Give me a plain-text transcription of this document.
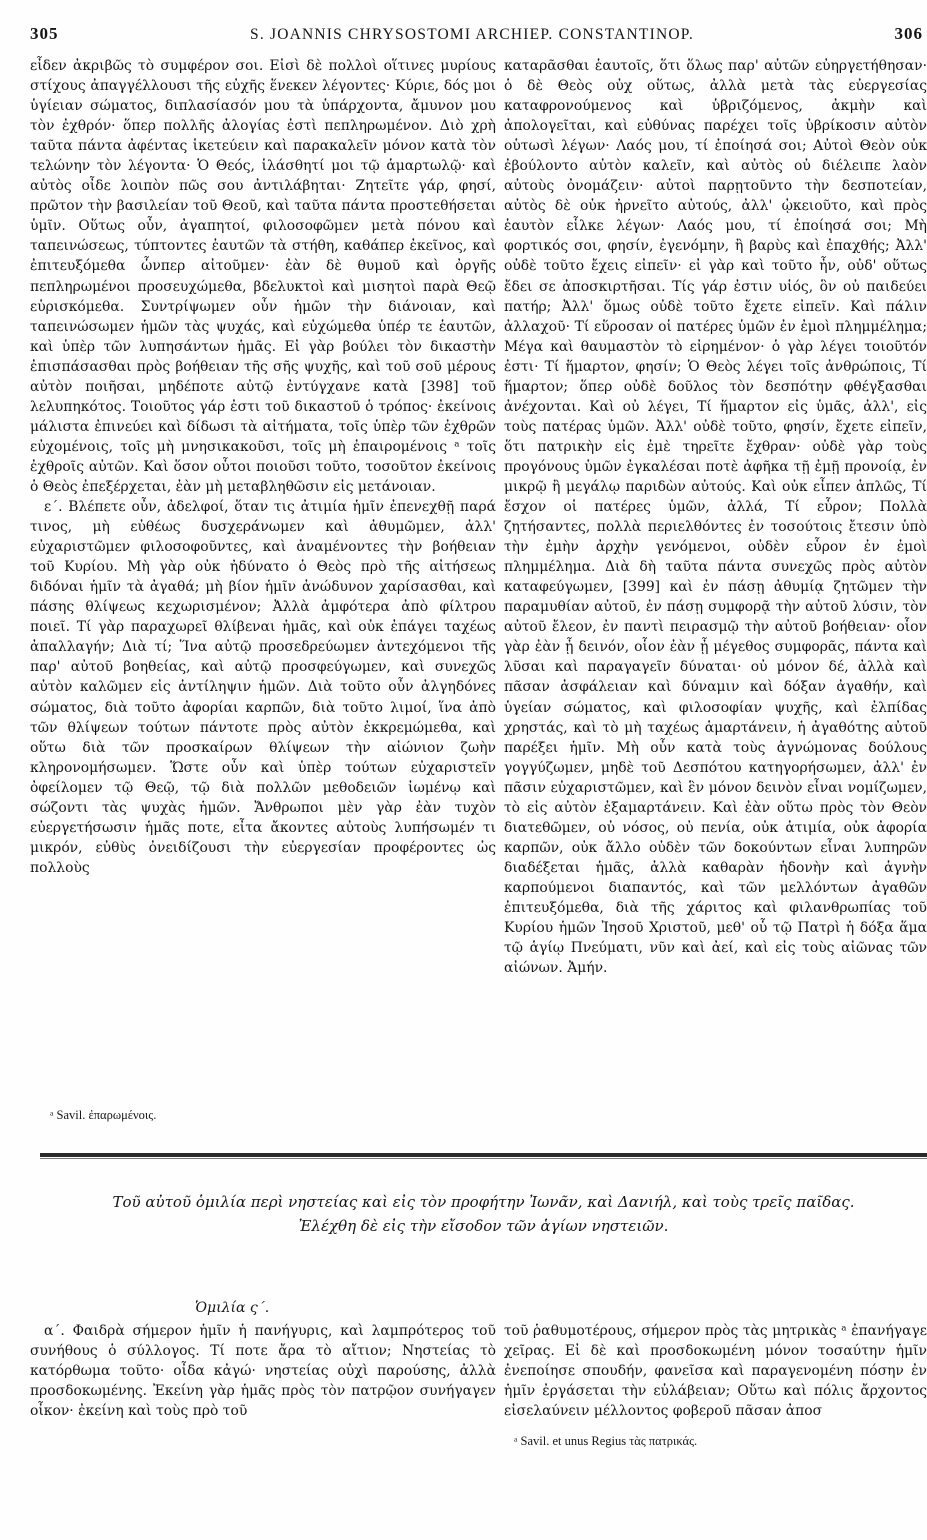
305	S. JOANNIS CHRYSOSTOMI ARCHIEP. CONSTANTINOP.	306

εἶδεν ἀκριβῶς τὸ συμφέρον σοι. Εἰσὶ δὲ πολλοὶ οἵτινες μυρίους στίχους ἀπαγγέλλουσι τῆς εὐχῆς ἕνεκεν λέγοντες· Κύριε, δός μοι ὑγίειαν σώματος, διπλασίασόν μου τὰ ὑπάρχοντα, ἄμυνον μου τὸν ἐχθρόν· ὅπερ πολλῆς ἀλογίας ἐστὶ πεπληρωμένον. Διὸ χρὴ ταῦτα πάντα ἀφέντας ἱκετεύειν καὶ παρακαλεῖν μόνον κατὰ τὸν τελώνην τὸν λέγοντα· Ὁ Θεός, ἱλάσθητί μοι τῷ ἁμαρτωλῷ· καὶ αὐτὸς οἶδε λοιπὸν πῶς σου ἀντιλάβηται· Ζητεῖτε γάρ, φησί, πρῶτον τὴν βασιλείαν τοῦ Θεοῦ, καὶ ταῦτα πάντα προστεθήσεται ὑμῖν. Οὕτως οὖν, ἀγαπητοί, φιλοσοφῶμεν μετὰ πόνου καὶ ταπεινώσεως, τύπτοντες ἑαυτῶν τὰ στήθη, καθάπερ ἐκεῖνος, καὶ ἐπιτευξόμεθα ὧνπερ αἰτοῦμεν· ἐὰν δὲ θυμοῦ καὶ ὀργῆς πεπληρωμένοι προσευχώμεθα, βδελυκτοὶ καὶ μισητοὶ παρὰ Θεῷ εὑρισκόμεθα. Συντρίψωμεν οὖν ἡμῶν τὴν διάνοιαν, καὶ ταπεινώσωμεν ἡμῶν τὰς ψυχάς, καὶ εὐχώμεθα ὑπέρ τε ἑαυτῶν, καὶ ὑπὲρ τῶν λυπησάντων ἡμᾶς. Εἰ γὰρ βούλει τὸν δικαστὴν ἐπισπάσασθαι πρὸς βοήθειαν τῆς σῆς ψυχῆς, καὶ τοῦ σοῦ μέρους αὐτὸν ποιῆσαι, μηδέποτε αὐτῷ ἐντύγχανε κατὰ [398] τοῦ λελυπηκότος. Τοιοῦτος γάρ ἐστι τοῦ δικαστοῦ ὁ τρόπος· ἐκείνοις μάλιστα ἐπινεύει καὶ δίδωσι τὰ αἰτήματα, τοῖς ὑπὲρ τῶν ἐχθρῶν εὐχομένοις, τοῖς μὴ μνησικακοῦσι, τοῖς μὴ ἐπαιρομένοις ᵃ τοῖς ἐχθροῖς αὐτῶν. Καὶ ὅσον οὗτοι ποιοῦσι τοῦτο, τοσοῦτον ἐκείνοις ὁ Θεὸς ἐπεξέρχεται, ἐὰν μὴ μεταβληθῶσιν εἰς μετάνοιαν.

ε΄. Βλέπετε οὖν, ἀδελφοί, ὅταν τις ἀτιμία ἡμῖν ἐπενεχθῇ παρά τινος, μὴ εὐθέως δυσχεράνωμεν καὶ ἀθυμῶμεν, ἀλλ' εὐχαριστῶμεν φιλοσοφοῦντες, καὶ ἀναμένοντες τὴν βοήθειαν τοῦ Κυρίου. Μὴ γὰρ οὐκ ἠδύνατο ὁ Θεὸς πρὸ τῆς αἰτήσεως διδόναι ἡμῖν τὰ ἀγαθά; μὴ βίον ἡμῖν ἀνώδυνον χαρίσασθαι, καὶ πάσης θλίψεως κεχωρισμένον; Ἀλλὰ ἀμφότερα ἀπὸ φίλτρου ποιεῖ. Τί γὰρ παραχωρεῖ θλίβεναι ἡμᾶς, καὶ οὐκ ἐπάγει ταχέως ἀπαλλαγήν; Διὰ τί; Ἵνα αὐτῷ προσεδρεύωμεν ἀντεχόμενοι τῆς παρ' αὐτοῦ βοηθείας, καὶ αὐτῷ προσφεύγωμεν, καὶ συνεχῶς αὐτὸν καλῶμεν εἰς ἀντίληψιν ἡμῶν. Διὰ τοῦτο οὖν ἀλγηδόνες σώματος, διὰ τοῦτο ἀφορίαι καρπῶν, διὰ τοῦτο λιμοί, ἵνα ἀπὸ τῶν θλίψεων τούτων πάντοτε πρὸς αὐτὸν ἐκκρεμώμεθα, καὶ οὕτω διὰ τῶν προσκαίρων θλίψεων τὴν αἰώνιον ζωὴν κληρονομήσωμεν. Ὥστε οὖν καὶ ὑπὲρ τούτων εὐχαριστεῖν ὀφείλομεν τῷ Θεῷ, τῷ διὰ πολλῶν μεθοδειῶν ἰωμένῳ καὶ σώζοντι τὰς ψυχὰς ἡμῶν. Ἄνθρωποι μὲν γὰρ ἐὰν τυχὸν εὐεργετήσωσιν ἡμᾶς ποτε, εἶτα ἄκοντες αὐτοὺς λυπήσωμέν τι μικρόν, εὐθὺς ὀνειδίζουσι τὴν εὐεργεσίαν προφέροντες ὡς πολλοὺς

ᵃ Savil. ἐπαρωμένοις.

καταρᾶσθαι ἑαυτοῖς, ὅτι ὅλως παρ' αὐτῶν εὐηργετήθησαν· ὁ δὲ Θεὸς οὐχ οὕτως, ἀλλὰ μετὰ τὰς εὐεργεσίας καταφρονούμενος καὶ ὑβριζόμενος, ἀκμὴν καὶ ἀπολογεῖται, καὶ εὐθύνας παρέχει τοῖς ὑβρίκοσιν αὐτὸν οὑτωσὶ λέγων· Λαός μου, τί ἐποίησά σοι; Αὐτοὶ Θεὸν οὐκ ἐβούλοντο αὐτὸν καλεῖν, καὶ αὐτὸς οὐ διέλειπε λαὸν αὐτοὺς ὀνομάζειν· αὐτοὶ παρῃτοῦντο τὴν δεσποτείαν, αὐτὸς δὲ οὐκ ἠρνεῖτο αὐτούς, ἀλλ' ᾠκειοῦτο, καὶ πρὸς ἑαυτὸν εἷλκε λέγων· Λαός μου, τί ἐποίησά σοι; Μὴ φορτικός σοι, φησίν, ἐγενόμην, ἢ βαρὺς καὶ ἐπαχθής; Ἀλλ' οὐδὲ τοῦτο ἔχεις εἰπεῖν· εἰ γὰρ καὶ τοῦτο ἦν, οὐδ' οὕτως ἔδει σε ἀποσκιρτῆσαι. Τίς γάρ ἐστιν υἱός, ὃν οὐ παιδεύει πατήρ; Ἀλλ' ὅμως οὐδὲ τοῦτο ἔχετε εἰπεῖν. Καὶ πάλιν ἀλλαχοῦ· Τί εὕροσαν οἱ πατέρες ὑμῶν ἐν ἐμοὶ πλημμέλημα; Μέγα καὶ θαυμαστὸν τὸ εἰρημένον· ὁ γὰρ λέγει τοιοῦτόν ἐστι· Τί ἥμαρτον, φησίν; Ὁ Θεὸς λέγει τοῖς ἀνθρώποις, Τί ἥμαρτον; ὅπερ οὐδὲ δοῦλος τὸν δεσπότην φθέγξασθαι ἀνέχονται. Καὶ οὐ λέγει, Τί ἥμαρτον εἰς ὑμᾶς, ἀλλ', εἰς τοὺς πατέρας ὑμῶν. Ἀλλ' οὐδὲ τοῦτο, φησίν, ἔχετε εἰπεῖν, ὅτι πατρικὴν εἰς ἐμὲ τηρεῖτε ἔχθραν· οὐδὲ γὰρ τοὺς προγόνους ὑμῶν ἐγκαλέσαι ποτὲ ἀφῆκα τῇ ἐμῇ προνοίᾳ, ἐν μικρῷ ἢ μεγάλῳ παριδὼν αὐτούς. Καὶ οὐκ εἶπεν ἁπλῶς, Τί ἔσχον οἱ πατέρες ὑμῶν, ἀλλά, Τί εὗρον; Πολλὰ ζητήσαντες, πολλὰ περιελθόντες ἐν τοσούτοις ἔτεσιν ὑπὸ τὴν ἐμὴν ἀρχὴν γενόμενοι, οὐδὲν εὗρον ἐν ἐμοὶ πλημμέλημα. Διὰ δὴ ταῦτα πάντα συνεχῶς πρὸς αὐτὸν καταφεύγωμεν, [399] καὶ ἐν πάσῃ ἀθυμίᾳ ζητῶμεν τὴν παραμυθίαν αὐτοῦ, ἐν πάσῃ συμφορᾷ τὴν αὐτοῦ λύσιν, τὸν αὐτοῦ ἔλεον, ἐν παντὶ πειρασμῷ τὴν αὐτοῦ βοήθειαν· οἷον γὰρ ἐὰν ᾖ δεινόν, οἷον ἐὰν ᾖ μέγεθος συμφορᾶς, πάντα καὶ λῦσαι καὶ παραγαγεῖν δύναται· οὐ μόνον δέ, ἀλλὰ καὶ πᾶσαν ἀσφάλειαν καὶ δύναμιν καὶ δόξαν ἀγαθήν, καὶ ὑγείαν σώματος, καὶ φιλοσοφίαν ψυχῆς, καὶ ἐλπίδας χρηστάς, καὶ τὸ μὴ ταχέως ἁμαρτάνειν, ἡ ἀγαθότης αὐτοῦ παρέξει ἡμῖν. Μὴ οὖν κατὰ τοὺς ἀγνώμονας δούλους γογγύζωμεν, μηδὲ τοῦ Δεσπότου κατηγορήσωμεν, ἀλλ' ἐν πᾶσιν εὐχαριστῶμεν, καὶ ἓν μόνον δεινὸν εἶναι νομίζωμεν, τὸ εἰς αὐτὸν ἐξαμαρτάνειν. Καὶ ἐὰν οὕτω πρὸς τὸν Θεὸν διατεθῶμεν, οὐ νόσος, οὐ πενία, οὐκ ἀτιμία, οὐκ ἀφορία καρπῶν, οὐκ ἄλλο οὐδὲν τῶν δοκούντων εἶναι λυπηρῶν διαδέξεται ἡμᾶς, ἀλλὰ καθαρὰν ἡδονὴν καὶ ἁγνὴν καρπούμενοι διαπαντός, καὶ τῶν μελλόντων ἀγαθῶν ἐπιτευξόμεθα, διὰ τῆς χάριτος καὶ φιλανθρωπίας τοῦ Κυρίου ἡμῶν Ἰησοῦ Χριστοῦ, μεθ' οὗ τῷ Πατρὶ ἡ δόξα ἅμα τῷ ἁγίῳ Πνεύματι, νῦν καὶ ἀεί, καὶ εἰς τοὺς αἰῶνας τῶν αἰώνων. Ἀμήν.

Τοῦ αὐτοῦ ὁμιλία περὶ νηστείας καὶ εἰς τὸν προφήτην Ἰωνᾶν, καὶ Δανιήλ, καὶ τοὺς τρεῖς παῖδας.
Ἐλέχθη δὲ εἰς τὴν εἴσοδον τῶν ἁγίων νηστειῶν.
Ὁμιλία ς΄.

α΄. Φαιδρὰ σήμερον ἡμῖν ἡ πανήγυρις, καὶ λαμπρότερος τοῦ συνήθους ὁ σύλλογος. Τί ποτε ἄρα τὸ αἴτιον; Νηστείας τὸ κατόρθωμα τοῦτο· οἶδα κἀγώ· νηστείας οὐχὶ παρούσης, ἀλλὰ προσδοκωμένης. Ἐκείνη γὰρ ἡμᾶς πρὸς τὸν πατρῷον συνήγαγεν οἶκον· ἐκείνη καὶ τοὺς πρὸ τοῦ

τοῦ ῥαθυμοτέρους, σήμερον πρὸς τὰς μητρικὰς ᵃ ἐπανήγαγε χεῖρας. Εἰ δὲ καὶ προσδοκωμένη μόνον τοσαύτην ἡμῖν ἐνεποίησε σπουδήν, φανεῖσα καὶ παραγενομένη πόσην ἐν ἡμῖν ἐργάσεται τὴν εὐλάβειαν; Οὕτω καὶ πόλις ἄρχοντος εἰσελαύνειν μέλλοντος φοβεροῦ πᾶσαν ἀποσ

ᵃ Savil. et unus Regius τὰς πατρικάς.
